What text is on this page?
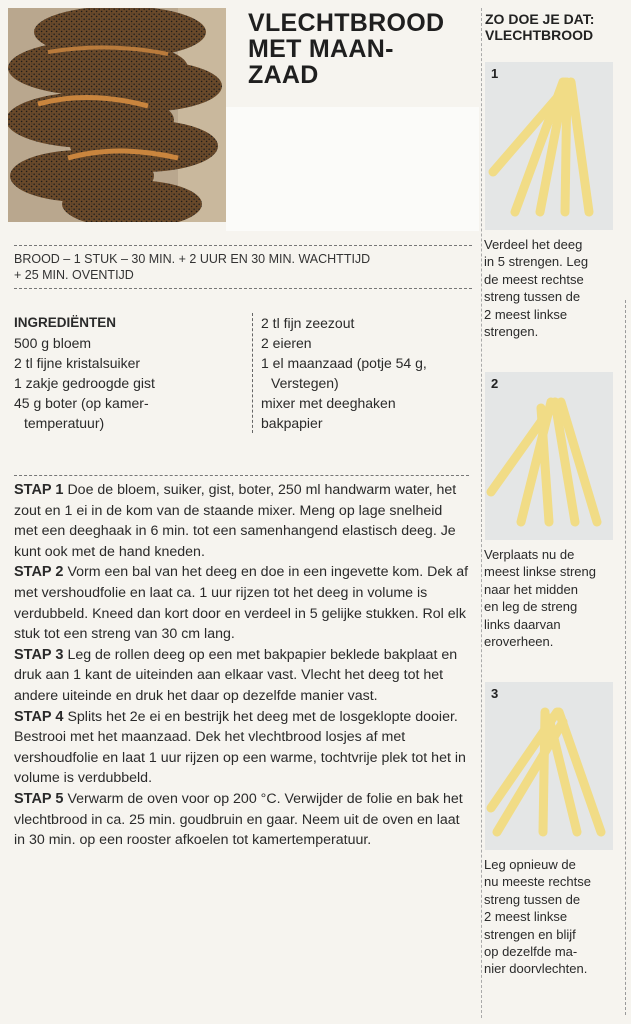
VLECHTBROOD
MET MAAN-
ZAAD
BROOD – 1 STUK – 30 MIN. + 2 UUR EN 30 MIN. WACHTTIJD
+ 25 MIN. OVENTIJD
INGREDIËNTEN
500 g bloem
2 tl fijne kristalsuiker
1 zakje gedroogde gist
45 g boter (op kamer-
temperatuur)
2 tl fijn zeezout
2 eieren
1 el maanzaad (potje 54 g,
Verstegen)
mixer met deeghaken
bakpapier
STAP 1 Doe de bloem, suiker, gist, boter, 250 ml handwarm water, het zout en 1 ei in de kom van de staande mixer. Meng op lage snelheid met een deeghaak in 6 min. tot een samenhangend elastisch deeg. Je kunt ook met de hand kneden.
STAP 2 Vorm een bal van het deeg en doe in een ingevette kom. Dek af met vershoudfolie en laat ca. 1 uur rijzen tot het deeg in volume is verdubbeld. Kneed dan kort door en verdeel in 5 gelijke stukken. Rol elk stuk tot een streng van 30 cm lang.
STAP 3 Leg de rollen deeg op een met bakpapier beklede bakplaat en druk aan 1 kant de uiteinden aan elkaar vast. Vlecht het deeg tot het andere uiteinde en druk het daar op dezelfde manier vast.
STAP 4 Splits het 2e ei en bestrijk het deeg met de losgeklopte dooier. Bestrooi met het maanzaad. Dek het vlechtbrood losjes af met vershoudfolie en laat 1 uur rijzen op een warme, tochtvrije plek tot het in volume is verdubbeld.
STAP 5 Verwarm de oven voor op 200 °C. Verwijder de folie en bak het vlechtbrood in ca. 25 min. goudbruin en gaar. Neem uit de oven en laat in 30 min. op een rooster afkoelen tot kamertemperatuur.
ZO DOE JE DAT:
VLECHTBROOD
1
Verdeel het deeg
in 5 strengen. Leg
de meest rechtse
streng tussen de
2 meest linkse
strengen.
2
Verplaats nu de
meest linkse streng
naar het midden
en leg de streng
links daarvan
eroverheen.
3
Leg opnieuw de
nu meeste rechtse
streng tussen de
2 meest linkse
strengen en blijf
op dezelfde ma-
nier doorvlechten.
